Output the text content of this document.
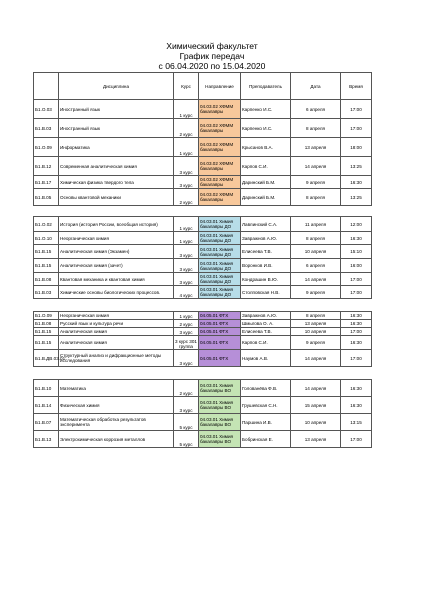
Химический факультет
График передач
с 06.04.2020 по 15.04.2020
	Дисциплина	Курс	Направление	Преподаватель	Дата	Время
Б1.О.03	Иностранный язык	1 курс	04.03.02 ХФММ бакалавры	Карпенко И.С.	6 апреля	17:00
Б1.В.03	Иностранный язык	2 курс	04.03.02 ХФММ бакалавры	Карпенко И.С.	8 апреля	17:00
Б1.О.09	Информатика	1 курс	04.03.02 ХФММ бакалавры	Крысанов В.А.	13 апреля	18:00
Б1.В.12	Современная аналитическая химия	3 курс	04.03.02 ХФММ бакалавры	Карпов С.И.	14 апреля	13:25
Б1.В.17	Химическая физика твердого тела	3 курс	04.03.02 ХФММ бакалавры	Даринский Б.М.	9 апреля	16:30
Б1.В.05	Основы квантовой механики	2 курс	04.03.02 ХФММ бакалавры	Даринский Б.М.	8 апреля	13:25

Б1.О.02	История (история России, всеобщая история)	1 курс	04.03.01 Химия бакалавры ДО	Лавлинский С.А.	11 апреля	12:00
Б1.О.10	Неорганическая химия	1 курс	04.03.01 Химия бакалавры ДО	Завражнов А.Ю.	8 апреля	16:30
Б1.В.15	Аналитическая химия (Экзамен)	3 курс	04.03.01 Химия бакалавры ДО	Елисеева Т.В.	10 апреля	15:10
Б1.В.15	Аналитическая химия (зачет)	3 курс	04.03.01 Химия бакалавры ДО	Воронков И.В.	6 апреля	16:00
Б1.В.08	Квантовая механика и квантовая химия	3 курс	04.03.01 Химия бакалавры ДО	Кондрашин В.Ю.	14 апреля	17:00
Б1.В.03	Химические основы биологических процессов.	4 курс	04.03.01 Химия бакалавры ДО	Столповская Н.В.	9 апреля	17:00

Б1.О.09	Неорганическая химия	1 курс	04.05.01 ФТХ	Завражнов А.Ю.	8 апреля	16:30
Б1.В.08	Русский язык и культура речи	2 курс	04.05.01 ФТХ	Шмыгова О. А.	13 апреля	16:30
Б1.В.15	Аналитическая химия	3 курс	04.05.01 ФТХ	Елисеева Т.В.	10 апреля	17:00
Б1.В.15	Аналитическая химия	3 курс 301 группа	04.05.01 ФТХ	Карпов С.И.	9 апреля	16:30
Б1.В.ДВ.03.01	Структурный анализ и дифракционные методы исследования	3 курс	04.05.01 ФТХ	Наумов А.В.	14 апреля	17:00

Б1.В.10	Математика	2 курс	04.03.01 Химия бакалавры ВО	Голованёва Ф.В.	14 апреля	16:30
Б1.В.14	Физическая химия	3 курс	04.03.01 Химия бакалавры ВО	Грушевская С.Н.	15 апреля	16:30
Б1.В.07	Математическая обработка результатов эксперимента	5 курс	04.03.01 Химия бакалавры ВО	Паршина И.В.	10 апреля	13:15
Б1.В.13	Электрохимическая коррозия металлов	5 курс	04.03.01 Химия бакалавры ВО	Бобринская Е.	13 апреля	17:00
